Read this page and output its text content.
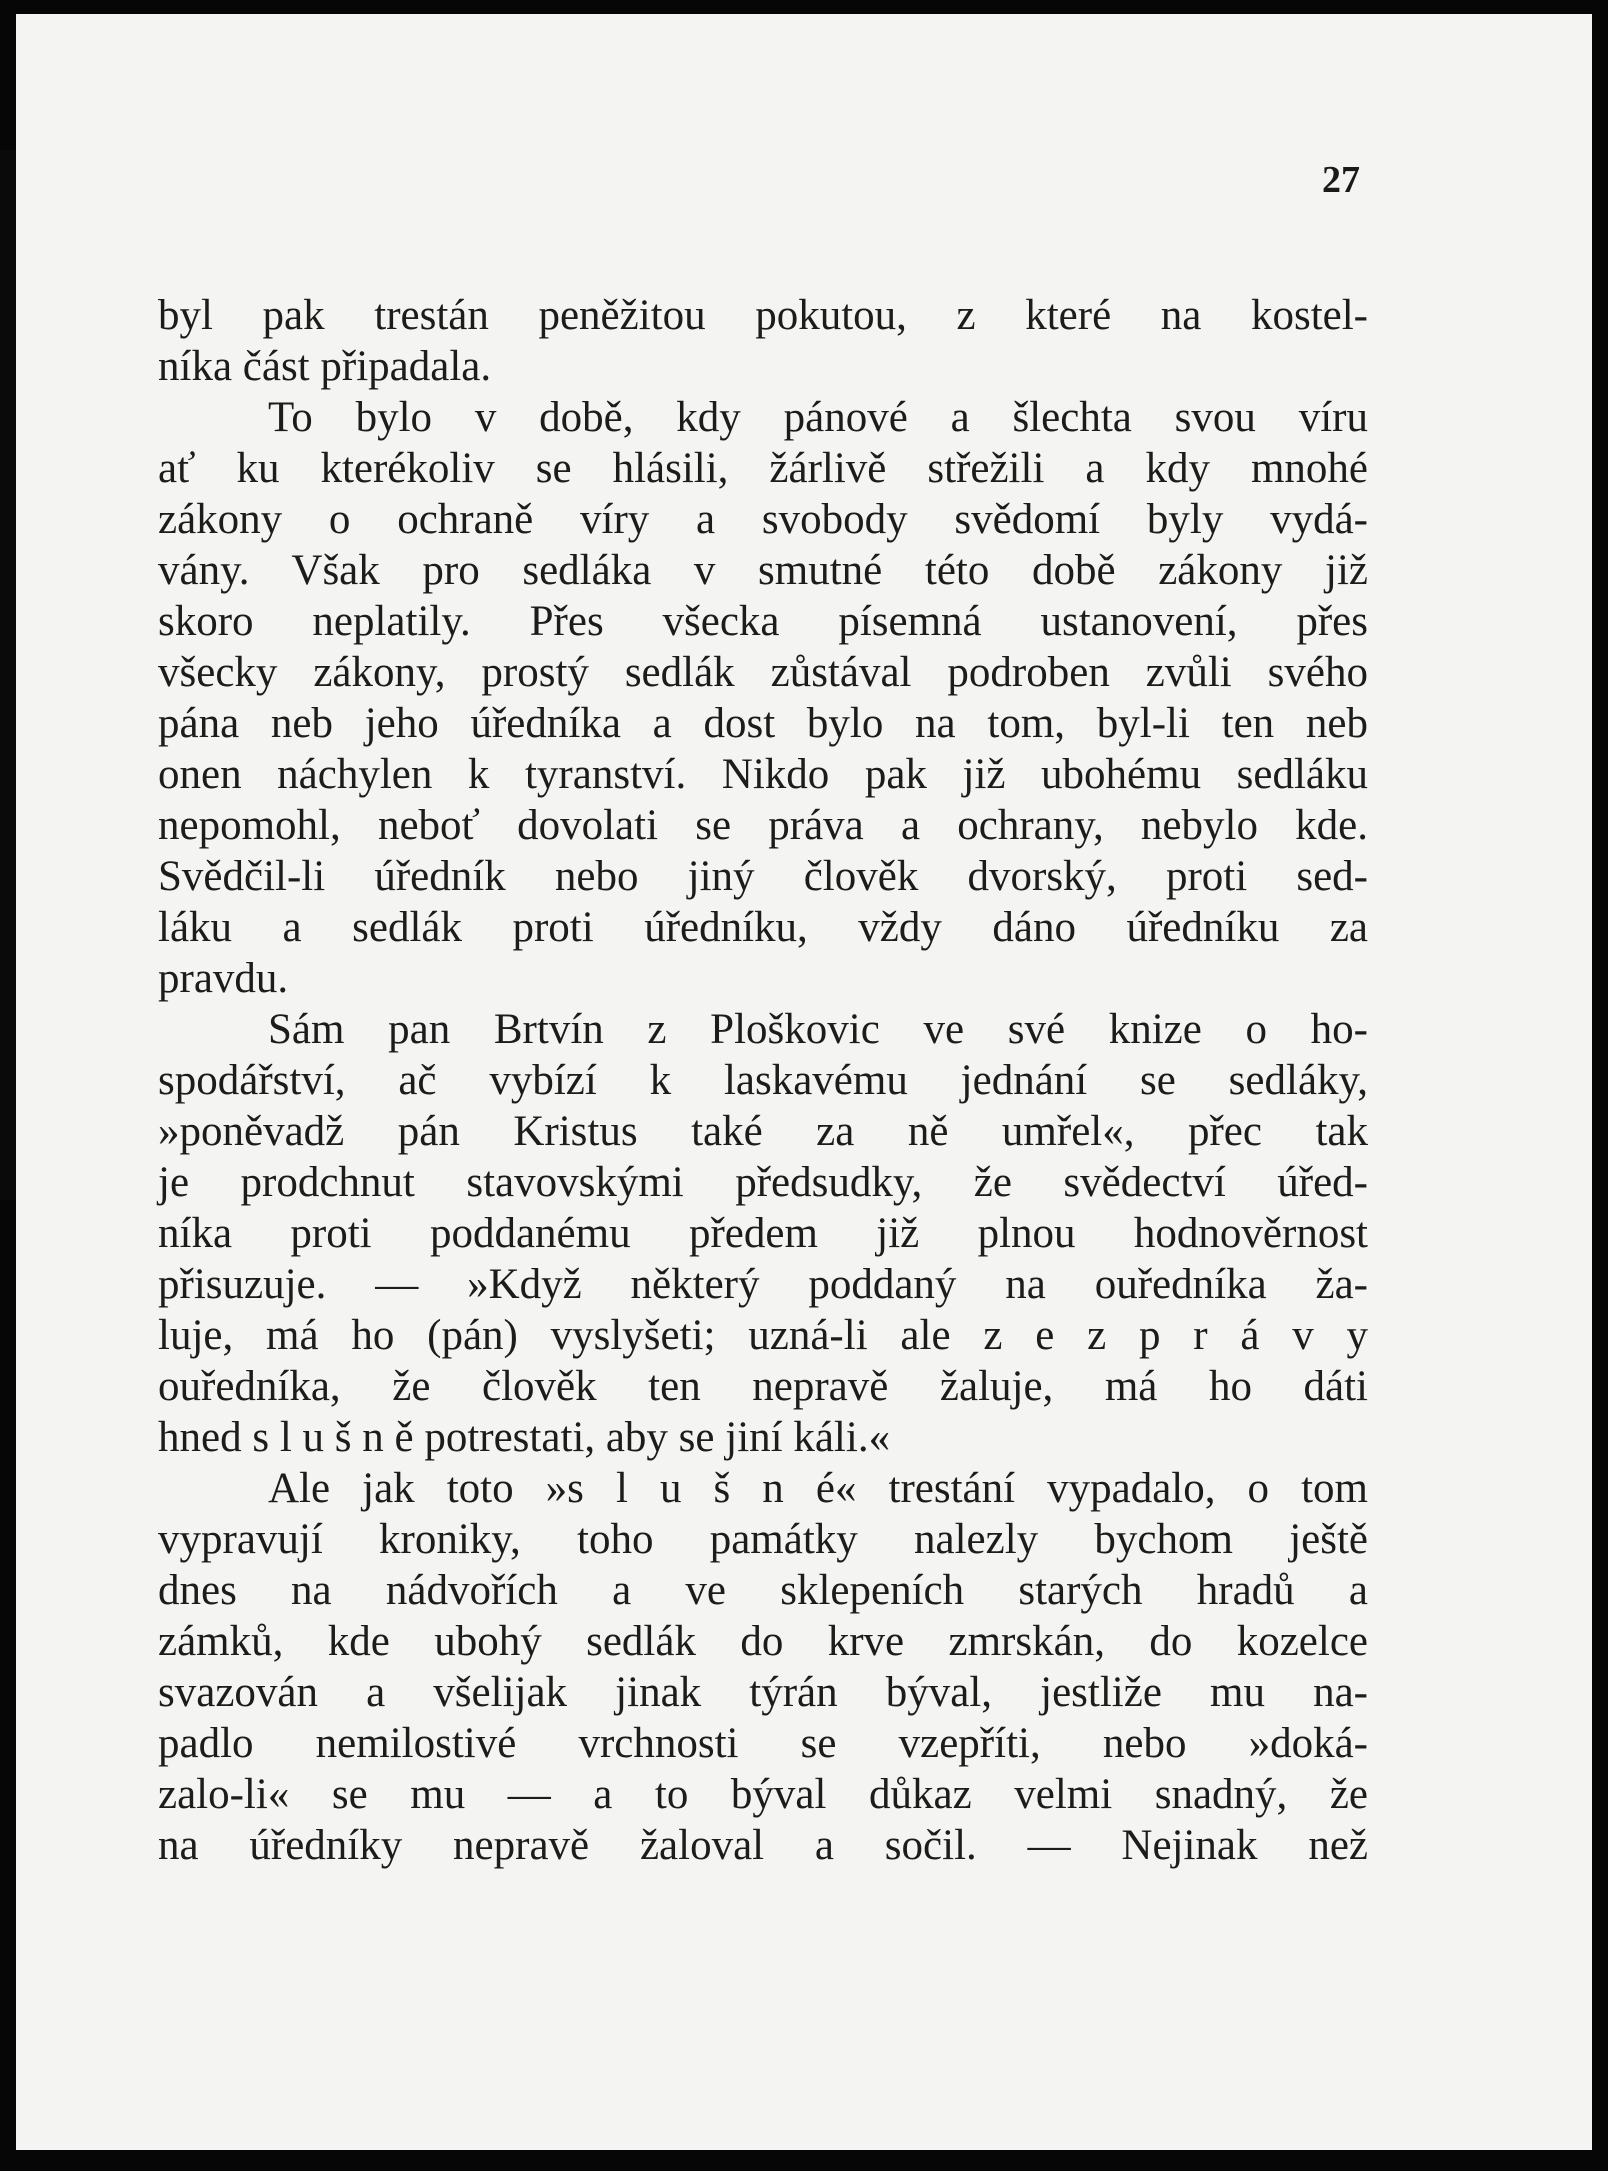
27
byl pak trestán peněžitou pokutou, z které na kostel-
níka část připadala.
To bylo v době, kdy pánové a šlechta svou víru
ať ku kterékoliv se hlásili, žárlivě střežili a kdy mnohé
zákony o ochraně víry a svobody svědomí byly vydá-
vány. Však pro sedláka v smutné této době zákony již
skoro neplatily. Přes všecka písemná ustanovení, přes
všecky zákony, prostý sedlák zůstával podroben zvůli svého
pána neb jeho úředníka a dost bylo na tom, byl-li ten neb
onen náchylen k tyranství. Nikdo pak již ubohému sedláku
nepomohl, neboť dovolati se práva a ochrany, nebylo kde.
Svědčil-li úředník nebo jiný člověk dvorský, proti sed-
láku a sedlák proti úředníku, vždy dáno úředníku za
pravdu.
Sám pan Brtvín z Ploškovic ve své knize o ho-
spodářství, ač vybízí k laskavému jednání se sedláky,
»poněvadž pán Kristus také za ně umřel«, přec tak
je prodchnut stavovskými předsudky, že svědectví úřed-
níka proti poddanému předem již plnou hodnověrnost
přisuzuje. — »Když některý poddaný na ouředníka ža-
luje, má ho (pán) vyslyšeti; uzná-li ale z e z p r á v y
ouředníka, že člověk ten nepravě žaluje, má ho dáti
hned s l u š n ě potrestati, aby se jiní káli.«
Ale jak toto »s l u š n é« trestání vypadalo, o tom
vypravují kroniky, toho památky nalezly bychom ještě
dnes na nádvořích a ve sklepeních starých hradů a
zámků, kde ubohý sedlák do krve zmrskán, do kozelce
svazován a všelijak jinak týrán býval, jestliže mu na-
padlo nemilostivé vrchnosti se vzepříti, nebo »doká-
zalo-li« se mu — a to býval důkaz velmi snadný, že
na úředníky nepravě žaloval a sočil. — Nejinak než
